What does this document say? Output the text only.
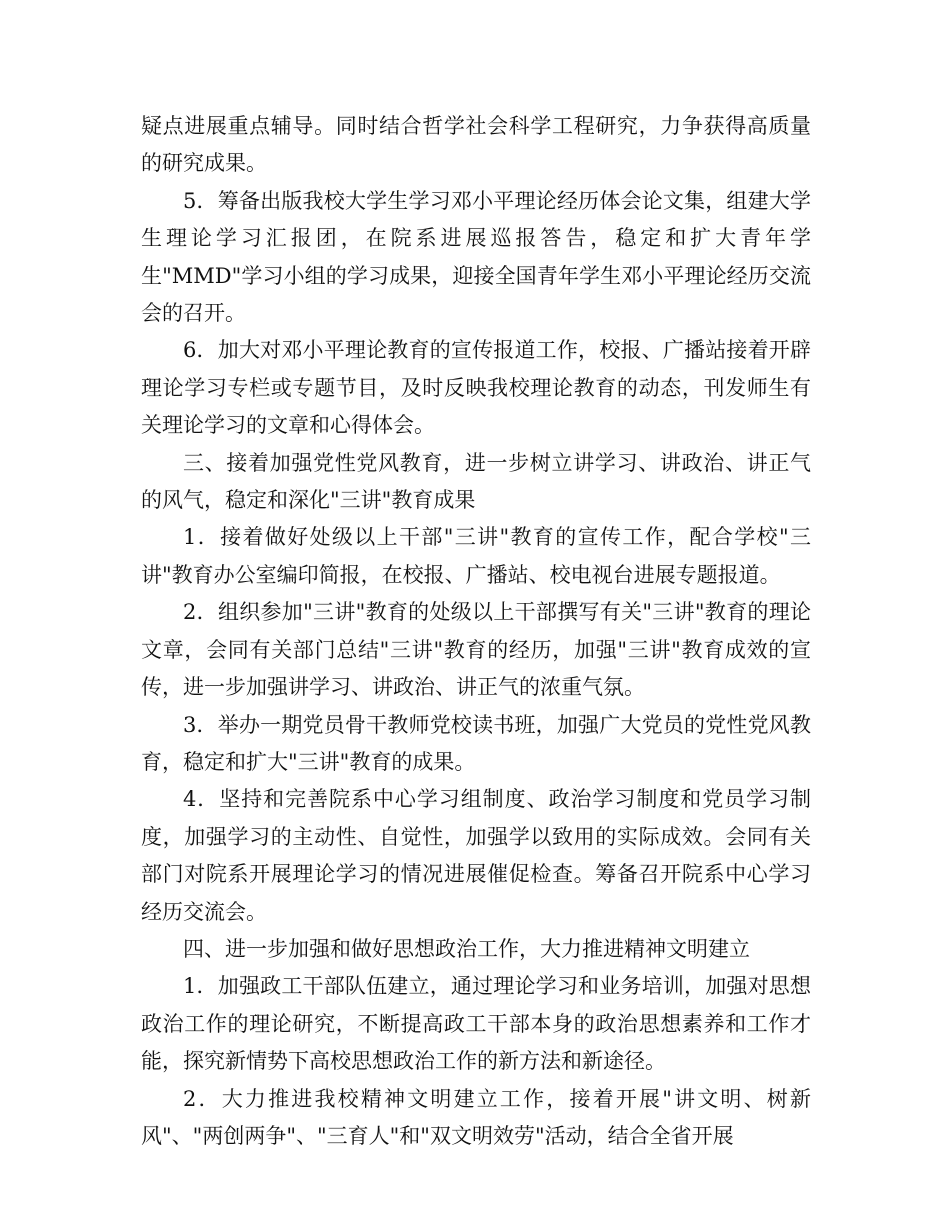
疑点进展重点辅导。同时结合哲学社会科学工程研究，力争获得高质量的研究成果。

5．筹备出版我校大学生学习邓小平理论经历体会论文集，组建大学生理论学习汇报团，在院系进展巡报答告，稳定和扩大青年学生"MMD"学习小组的学习成果，迎接全国青年学生邓小平理论经历交流会的召开。

6．加大对邓小平理论教育的宣传报道工作，校报、广播站接着开辟理论学习专栏或专题节目，及时反映我校理论教育的动态，刊发师生有关理论学习的文章和心得体会。

三、接着加强党性党风教育，进一步树立讲学习、讲政治、讲正气的风气，稳定和深化"三讲"教育成果

1．接着做好处级以上干部"三讲"教育的宣传工作，配合学校"三讲"教育办公室编印简报，在校报、广播站、校电视台进展专题报道。

2．组织参加"三讲"教育的处级以上干部撰写有关"三讲"教育的理论文章，会同有关部门总结"三讲"教育的经历，加强"三讲"教育成效的宣传，进一步加强讲学习、讲政治、讲正气的浓重气氛。

3．举办一期党员骨干教师党校读书班，加强广大党员的党性党风教育，稳定和扩大"三讲"教育的成果。

4．坚持和完善院系中心学习组制度、政治学习制度和党员学习制度，加强学习的主动性、自觉性，加强学以致用的实际成效。会同有关部门对院系开展理论学习的情况进展催促检查。筹备召开院系中心学习经历交流会。

四、进一步加强和做好思想政治工作，大力推进精神文明建立

1．加强政工干部队伍建立，通过理论学习和业务培训，加强对思想政治工作的理论研究，不断提高政工干部本身的政治思想素养和工作才能，探究新情势下高校思想政治工作的新方法和新途径。

2．大力推进我校精神文明建立工作，接着开展"讲文明、树新风"、"两创两争"、"三育人"和"双文明效劳"活动，结合全省开展
